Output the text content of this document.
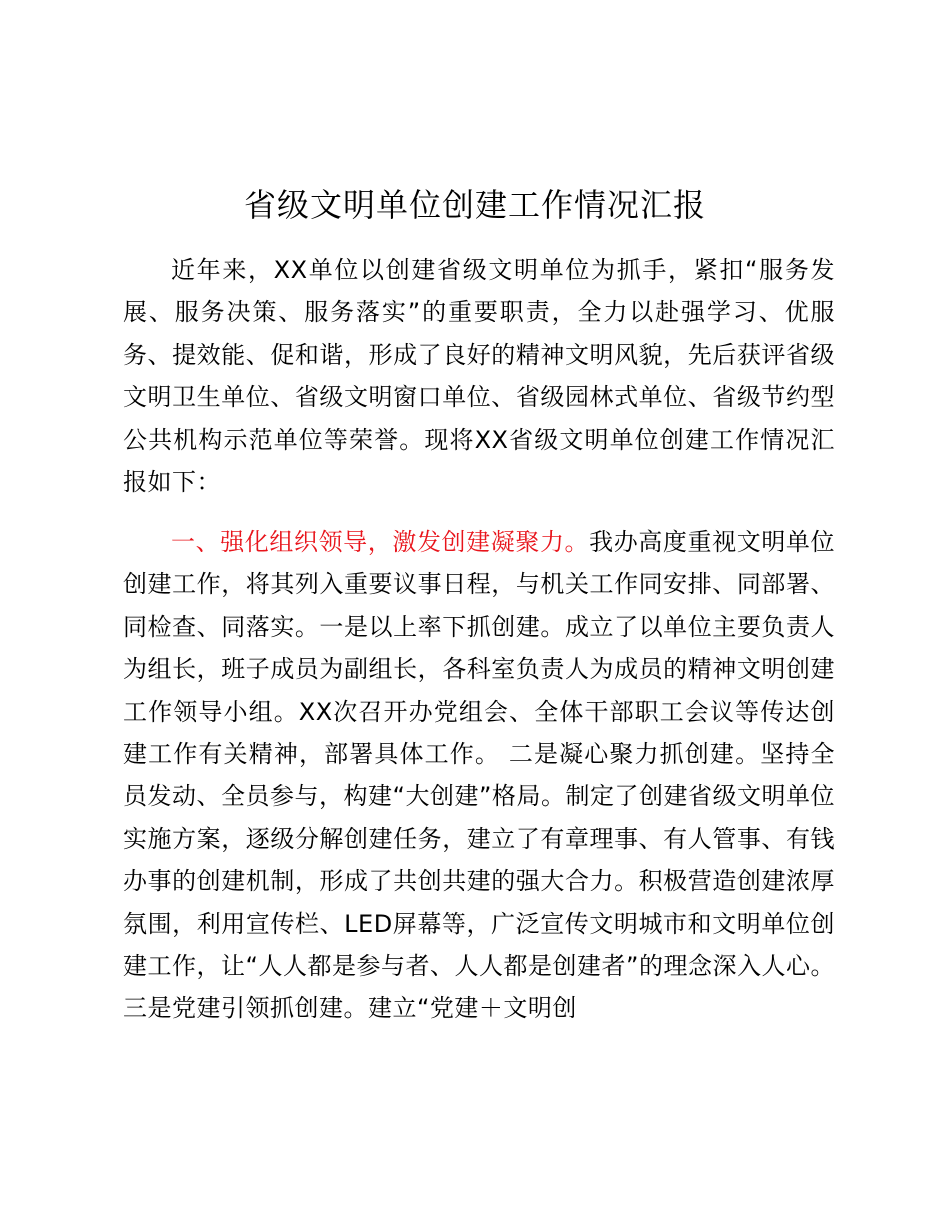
省级文明单位创建工作情况汇报

近年来，XX单位以创建省级文明单位为抓手，紧扣“服务发展、服务决策、服务落实”的重要职责，全力以赴强学习、优服务、提效能、促和谐，形成了良好的精神文明风貌，先后获评省级文明卫生单位、省级文明窗口单位、省级园林式单位、省级节约型公共机构示范单位等荣誉。现将XX省级文明单位创建工作情况汇报如下：

一、强化组织领导，激发创建凝聚力。我办高度重视文明单位创建工作，将其列入重要议事日程，与机关工作同安排、同部署、同检查、同落实。一是以上率下抓创建。成立了以单位主要负责人为组长，班子成员为副组长，各科室负责人为成员的精神文明创建工作领导小组。XX次召开办党组会、全体干部职工会议等传达创建工作有关精神，部署具体工作。 二是凝心聚力抓创建。坚持全员发动、全员参与，构建“大创建”格局。制定了创建省级文明单位实施方案，逐级分解创建任务，建立了有章理事、有人管事、有钱办事的创建机制，形成了共创共建的强大合力。积极营造创建浓厚氛围，利用宣传栏、LED屏幕等，广泛宣传文明城市和文明单位创建工作，让“人人都是参与者、人人都是创建者”的理念深入人心。三是党建引领抓创建。建立“党建＋文明创
